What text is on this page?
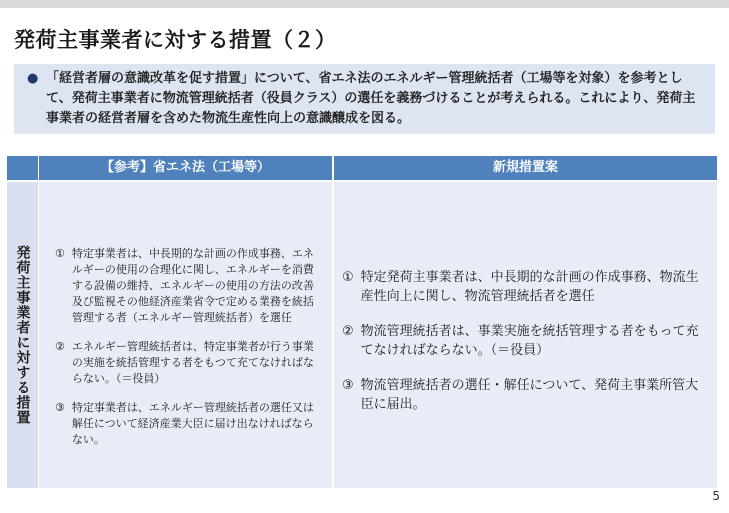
発荷主事業者に対する措置（２）
● 「経営者層の意識改革を促す措置」について、省エネ法のエネルギー管理統括者（工場等を対象）を参考として、発荷主事業者に物流管理統括者（役員クラス）の選任を義務づけることが考えられる。これにより、発荷主事業者の経営者層を含めた物流生産性向上の意識醸成を図る。
【参考】省エネ法（工場等）	新規措置案
発荷主事業者に対する措置 ① 特定事業者は、中長期的な計画の作成事務、エネルギーの使用の合理化に関し、エネルギーを消費する設備の維持、エネルギーの使用の方法の改善及び監視その他経済産業省令で定める業務を統括管理する者（エネルギー管理統括者）を選任
② エネルギー管理統括者は、特定事業者が行う事業の実施を統括管理する者をもつて充てなければならない。（＝役員）
③ 特定事業者は、エネルギー管理統括者の選任又は解任について経済産業大臣に届け出なければならない。
① 特定発荷主事業者は、中長期的な計画の作成事務、物流生産性向上に関し、物流管理統括者を選任
② 物流管理統括者は、事業実施を統括管理する者をもって充てなければならない。（＝役員）
③ 物流管理統括者の選任・解任について、発荷主事業所管大臣に届出。
5
